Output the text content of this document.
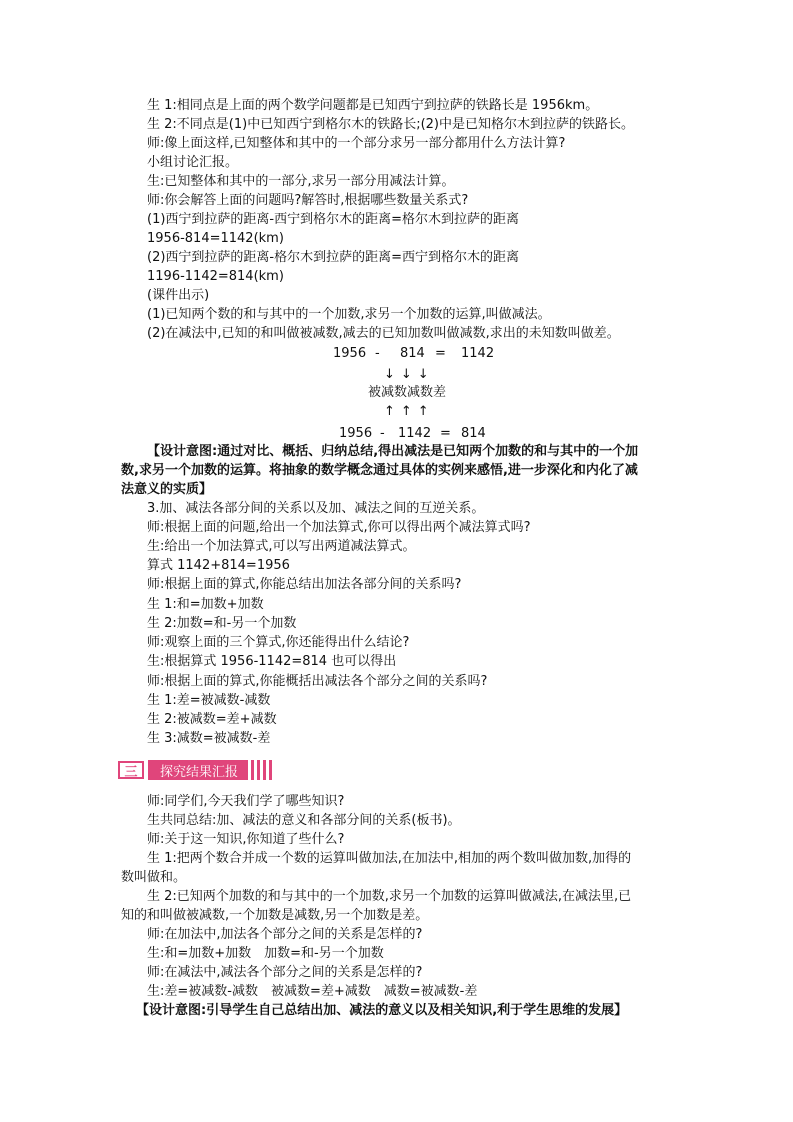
生 1:相同点是上面的两个数学问题都是已知西宁到拉萨的铁路长是 1956km。
生 2:不同点是(1)中已知西宁到格尔木的铁路长;(2)中是已知格尔木到拉萨的铁路长。
师:像上面这样,已知整体和其中的一个部分求另一部分都用什么方法计算?
小组讨论汇报。
生:已知整体和其中的一部分,求另一部分用减法计算。
师:你会解答上面的问题吗?解答时,根据哪些数量关系式?
(1)西宁到拉萨的距离-西宁到格尔木的距离=格尔木到拉萨的距离
1956-814=1142(km)
(2)西宁到拉萨的距离-格尔木到拉萨的距离=西宁到格尔木的距离
1196-1142=814(km)
(课件出示)
(1)已知两个数的和与其中的一个加数,求另一个加数的运算,叫做减法。
(2)在减法中,已知的和叫做被减数,减去的已知加数叫做减数,求出的未知数叫做差。
1956 - 814 = 1142
↓↓↓
被减数减数差
↑↑↑
1956 - 1142 = 814
【设计意图:通过对比、概括、归纳总结,得出减法是已知两个加数的和与其中的一个加
数,求另一个加数的运算。将抽象的数学概念通过具体的实例来感悟,进一步深化和内化了减
法意义的实质】
3.加、减法各部分间的关系以及加、减法之间的互逆关系。
师:根据上面的问题,给出一个加法算式,你可以得出两个减法算式吗?
生:给出一个加法算式,可以写出两道减法算式。
算式 1142+814=1956
师:根据上面的算式,你能总结出加法各部分间的关系吗?
生 1:和=加数+加数
生 2:加数=和-另一个加数
师:观察上面的三个算式,你还能得出什么结论?
生:根据算式 1956-1142=814 也可以得出
师:根据上面的算式,你能概括出减法各个部分之间的关系吗?
生 1:差=被减数-减数
生 2:被减数=差+减数
生 3:减数=被减数-差
三	探究结果汇报
师:同学们,今天我们学了哪些知识?
生共同总结:加、减法的意义和各部分间的关系(板书)。
师:关于这一知识,你知道了些什么?
生 1:把两个数合并成一个数的运算叫做加法,在加法中,相加的两个数叫做加数,加得的
数叫做和。
生 2:已知两个加数的和与其中的一个加数,求另一个加数的运算叫做减法,在减法里,已
知的和叫做被减数,一个加数是减数,另一个加数是差。
师:在加法中,加法各个部分之间的关系是怎样的?
生:和=加数+加数　加数=和-另一个加数
师:在减法中,减法各个部分之间的关系是怎样的?
生:差=被减数-减数　被减数=差+减数　减数=被减数-差
【设计意图:引导学生自己总结出加、减法的意义以及相关知识,利于学生思维的发展】
